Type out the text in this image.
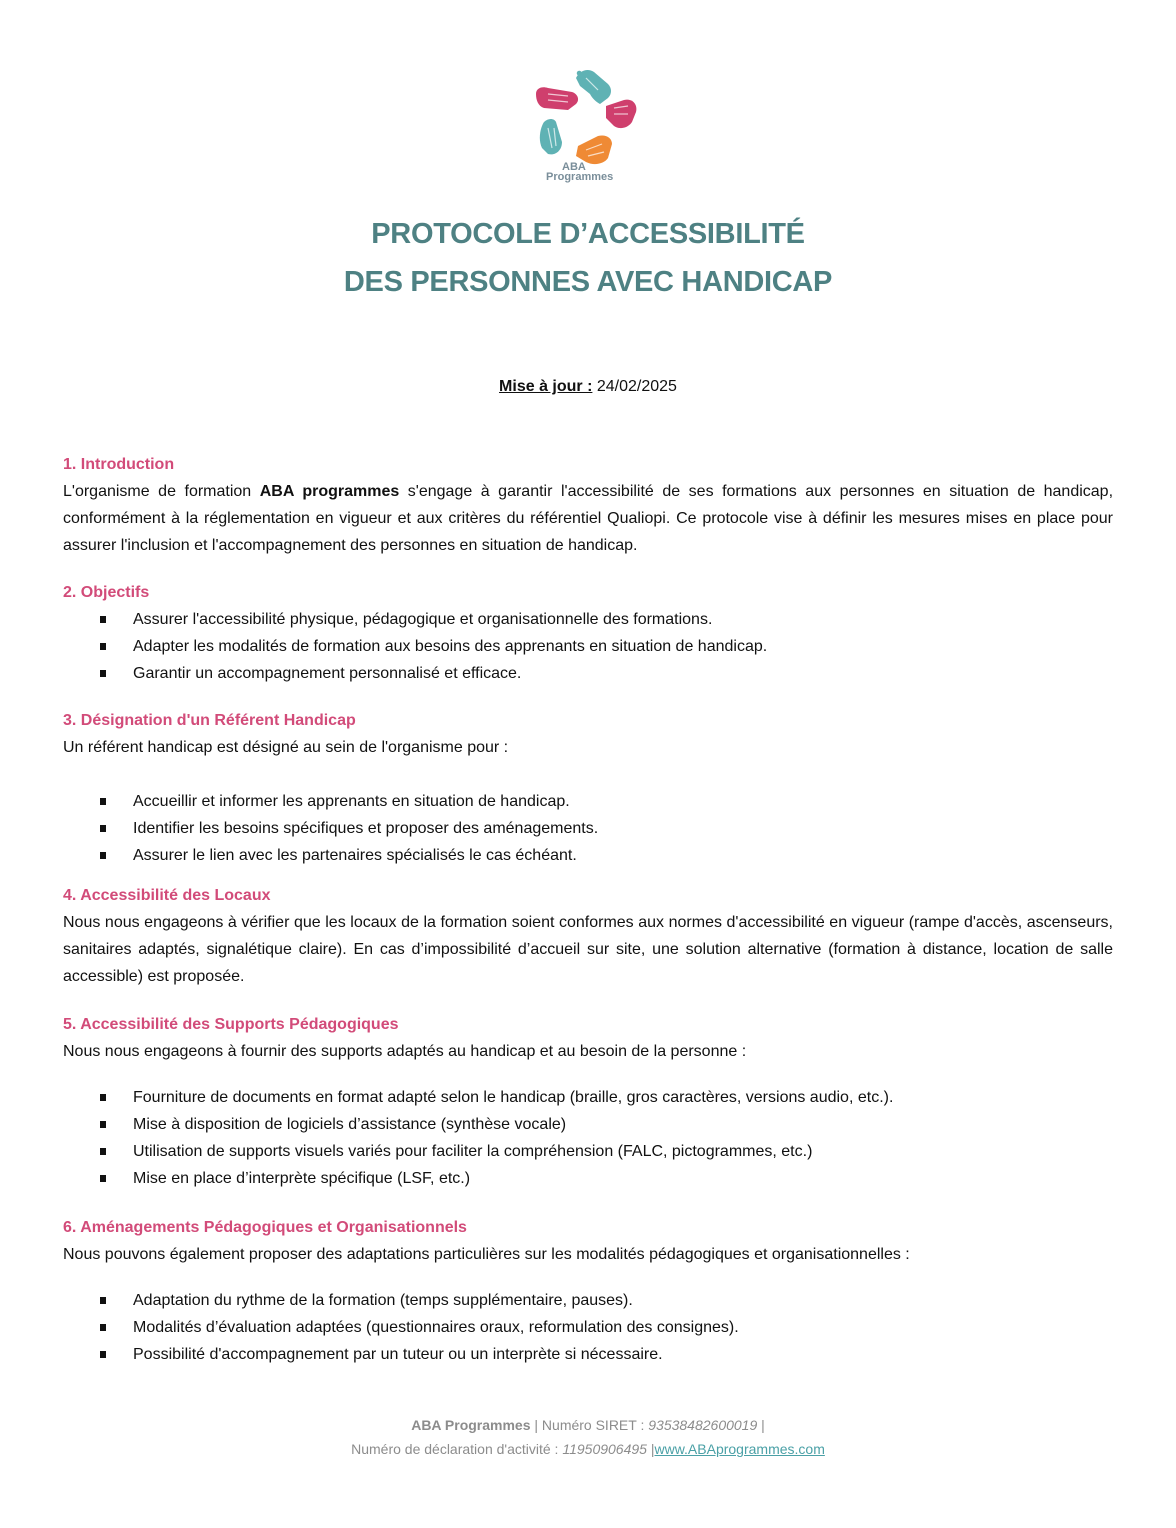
ABA
Programmes
PROTOCOLE D’ACCESSIBILITÉ
DES PERSONNES AVEC HANDICAP
Mise à jour : 24/02/2025
1. Introduction
L'organisme de formation ABA programmes s'engage à garantir l'accessibilité de ses formations aux personnes en situation de handicap, conformément à la réglementation en vigueur et aux critères du référentiel Qualiopi. Ce protocole vise à définir les mesures mises en place pour assurer l'inclusion et l'accompagnement des personnes en situation de handicap.
2. Objectifs
Assurer l'accessibilité physique, pédagogique et organisationnelle des formations.
Adapter les modalités de formation aux besoins des apprenants en situation de handicap.
Garantir un accompagnement personnalisé et efficace.
3. Désignation d'un Référent Handicap
Un référent handicap est désigné au sein de l'organisme pour :
Accueillir et informer les apprenants en situation de handicap.
Identifier les besoins spécifiques et proposer des aménagements.
Assurer le lien avec les partenaires spécialisés le cas échéant.
4. Accessibilité des Locaux
Nous nous engageons à vérifier que les locaux de la formation soient conformes aux normes d'accessibilité en vigueur (rampe d'accès, ascenseurs, sanitaires adaptés, signalétique claire). En cas d’impossibilité d’accueil sur site, une solution alternative (formation à distance, location de salle accessible) est proposée.
5. Accessibilité des Supports Pédagogiques
Nous nous engageons à fournir des supports adaptés au handicap et au besoin de la personne :
Fourniture de documents en format adapté selon le handicap (braille, gros caractères, versions audio, etc.).
Mise à disposition de logiciels d’assistance (synthèse vocale)
Utilisation de supports visuels variés pour faciliter la compréhension (FALC, pictogrammes, etc.)
Mise en place d’interprète spécifique (LSF, etc.)
6. Aménagements Pédagogiques et Organisationnels
Nous pouvons également proposer des adaptations particulières sur les modalités pédagogiques et organisationnelles :
Adaptation du rythme de la formation (temps supplémentaire, pauses).
Modalités d’évaluation adaptées (questionnaires oraux, reformulation des consignes).
Possibilité d'accompagnement par un tuteur ou un interprète si nécessaire.
ABA Programmes | Numéro SIRET : 93538482600019 |
Numéro de déclaration d'activité : 11950906495 |www.ABAprogrammes.com
